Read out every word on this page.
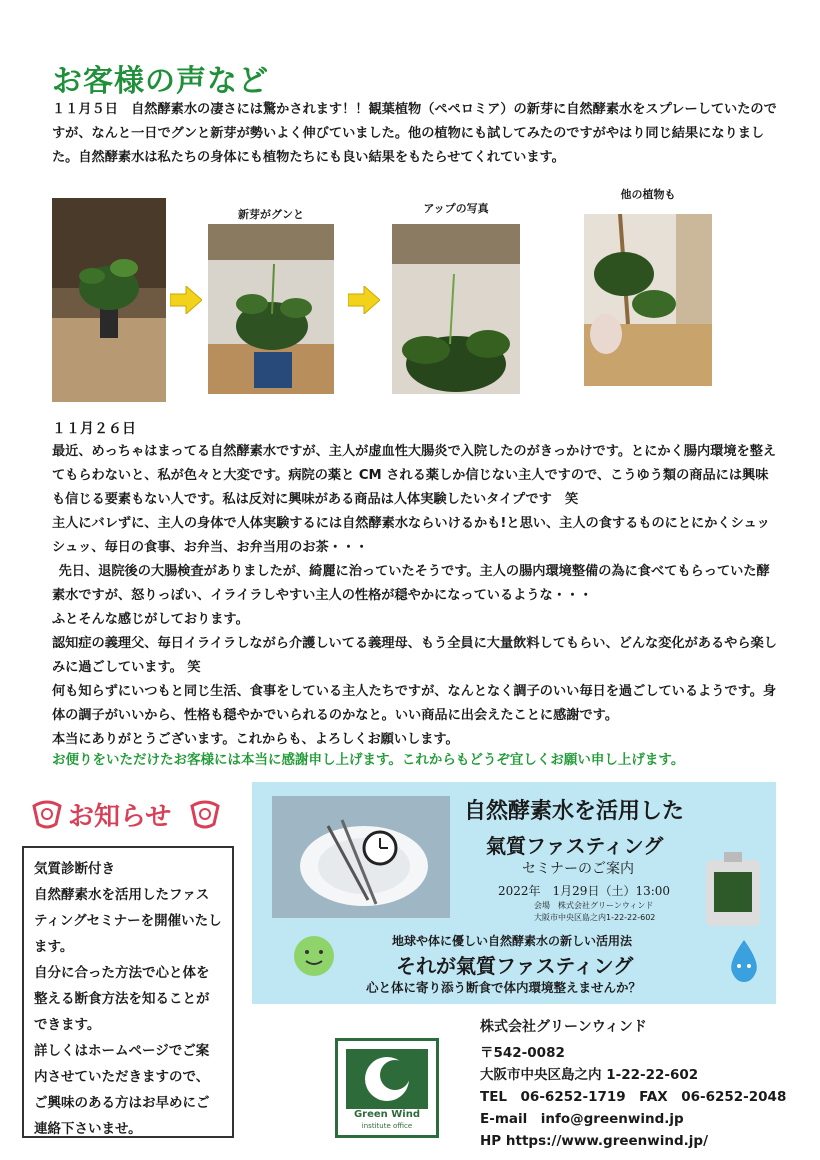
お客様の声など
１１月５日　自然酵素水の凄さには驚かされます！！観葉植物（ペペロミア）の新芽に自然酵素水をスプレーしていたのですが、なんと一日でグンと新芽が勢いよく伸びていました。他の植物にも試してみたのですがやはり同じ結果になりました。自然酵素水は私たちの身体にも植物たちにも良い結果をもたらせてくれています。
新芽がグンと	アップの写真
他の植物も
１１月２６日
最近、めっちゃはまってる自然酵素水ですが、主人が虚血性大腸炎で入院したのがきっかけです。とにかく腸内環境を整えてもらわないと、私が色々と大変です。病院の薬と CM される薬しか信じない主人ですので、こうゆう類の商品には興味も信じる要素もない人です。私は反対に興味がある商品は人体実験したいタイプです　笑
主人にバレずに、主人の身体で人体実験するには自然酵素水ならいけるかも!と思い、主人の食するものにとにかくシュッシュッ、毎日の食事、お弁当、お弁当用のお茶・・・
先日、退院後の大腸検査がありましたが、綺麗に治っていたそうです。主人の腸内環境整備の為に食べてもらっていた酵素水ですが、怒りっぽい、イライラしやすい主人の性格が穏やかになっているような・・・
ふとそんな感じがしております。
認知症の義理父、毎日イライラしながら介護しいてる義理母、もう全員に大量飲料してもらい、どんな変化があるやら楽しみに過ごしています。 笑
何も知らずにいつもと同じ生活、食事をしている主人たちですが、なんとなく調子のいい毎日を過ごしているようです。身体の調子がいいから、性格も穏やかでいられるのかなと。いい商品に出会えたことに感謝です。
本当にありがとうございます。これからも、よろしくお願いします。
お便りをいただけたお客様には本当に感謝申し上げます。これからもどうぞ宜しくお願い申し上げます。
お知らせ
気質診断付き
自然酵素水を活用したファスティングセミナーを開催いたします。
自分に合った方法で心と体を整える断食方法を知ることができます。
詳しくはホームページでご案内させていただきますので、ご興味のある方はお早めにご連絡下さいませ。
自然酵素水を活用した
氣質ファスティング
セミナーのご案内
2022年　1月29日（土）13:00
会場　株式会社グリーンウィンド
大阪市中央区島之内1-22-22-602
地球や体に優しい自然酵素水の新しい活用法
それが氣質ファスティング
心と体に寄り添う断食で体内環境整えませんか？
Green Wind
institute office
株式会社グリーンウィンド
〒542-0082
大阪市中央区島之内 1-22-22-602
TEL　06-6252-1719　FAX　06-6252-2048
E-mail　info@greenwind.jp
HP https://www.greenwind.jp/
